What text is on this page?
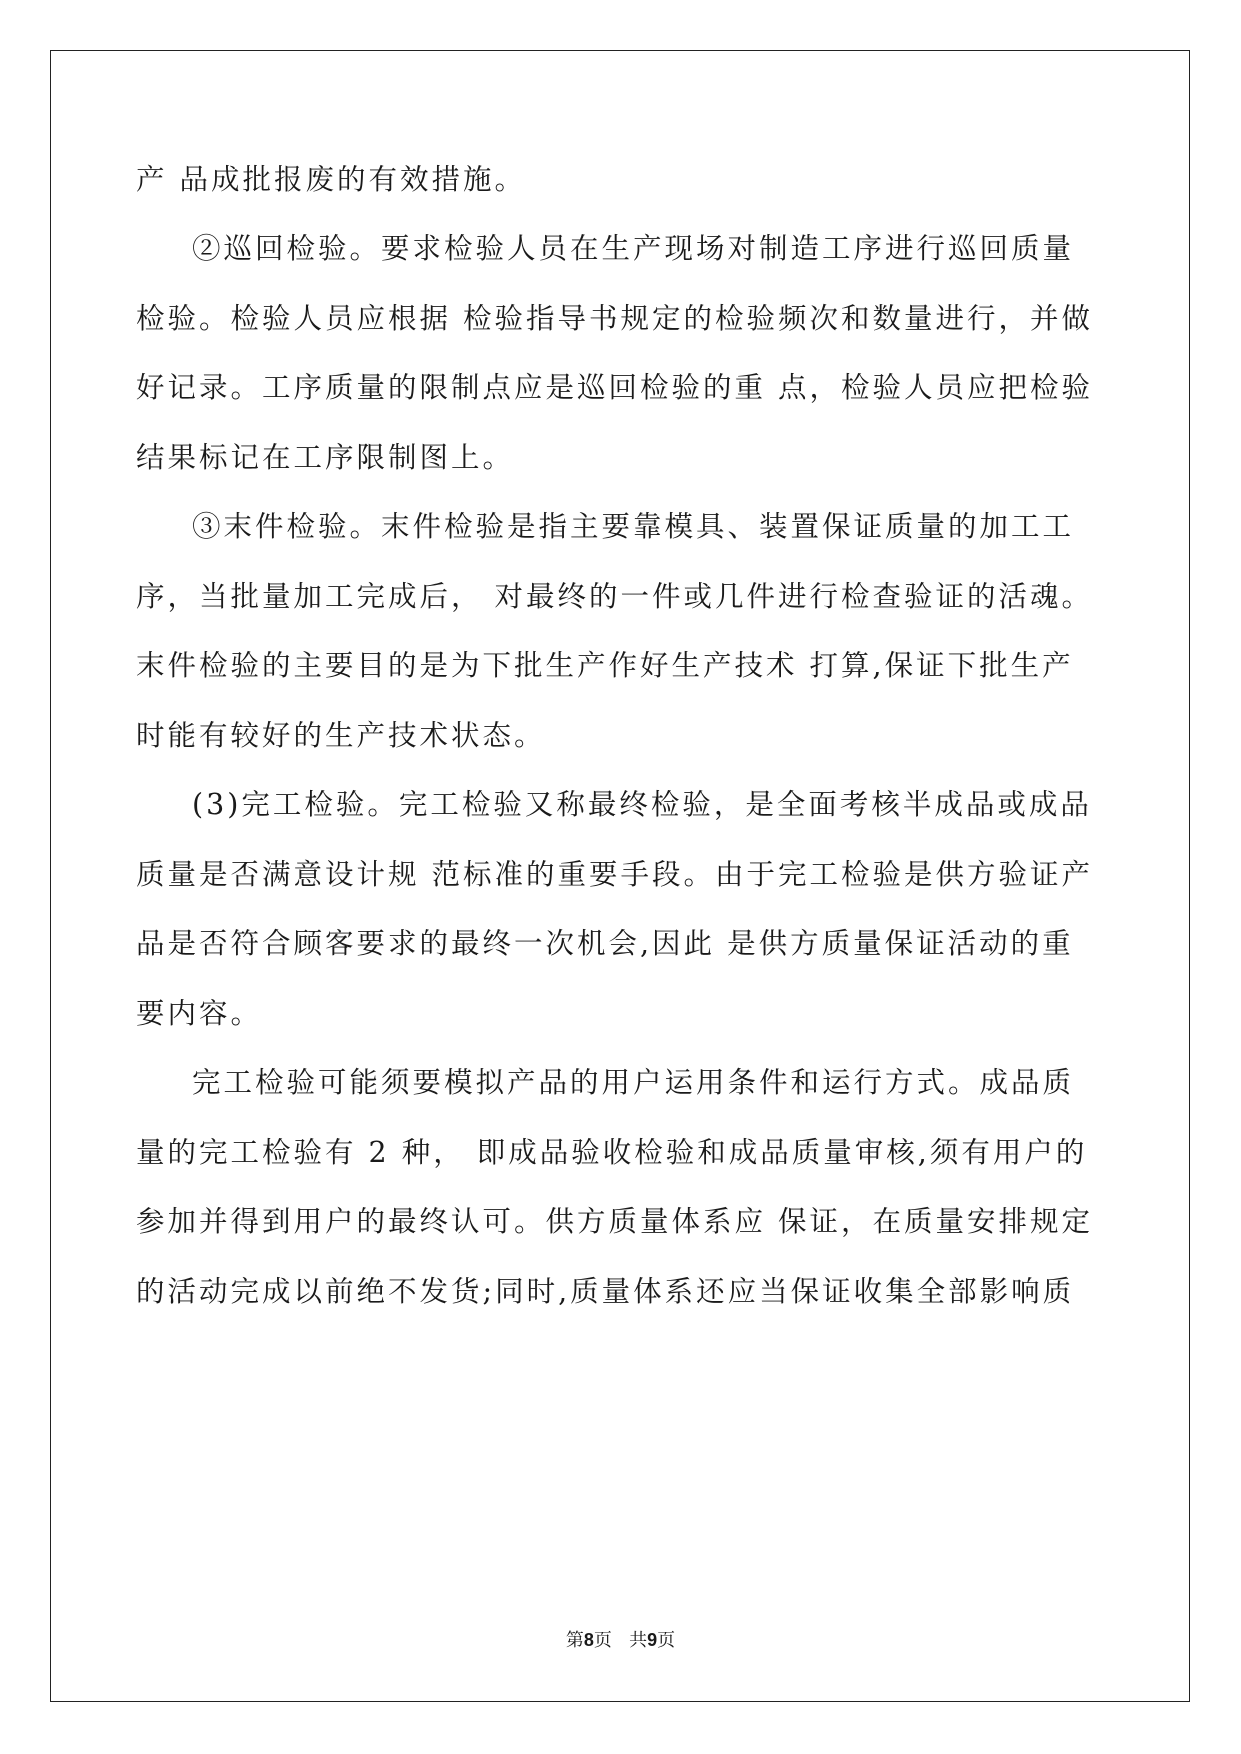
产 品成批报废的有效措施。
②巡回检验。要求检验人员在生产现场对制造工序进行巡回质量
检验。检验人员应根据 检验指导书规定的检验频次和数量进行，并做
好记录。工序质量的限制点应是巡回检验的重 点，检验人员应把检验
结果标记在工序限制图上。
③末件检验。末件检验是指主要靠模具、装置保证质量的加工工
序，当批量加工完成后， 对最终的一件或几件进行检查验证的活魂。
末件检验的主要目的是为下批生产作好生产技术 打算,保证下批生产
时能有较好的生产技术状态。
(3)完工检验。完工检验又称最终检验，是全面考核半成品或成品
质量是否满意设计规 范标准的重要手段。由于完工检验是供方验证产
品是否符合顾客要求的最终一次机会,因此 是供方质量保证活动的重
要内容。
完工检验可能须要模拟产品的用户运用条件和运行方式。成品质
量的完工检验有 2 种， 即成品验收检验和成品质量审核,须有用户的
参加并得到用户的最终认可。供方质量体系应 保证，在质量安排规定
的活动完成以前绝不发货;同时,质量体系还应当保证收集全部影响质
第8页   共9页
